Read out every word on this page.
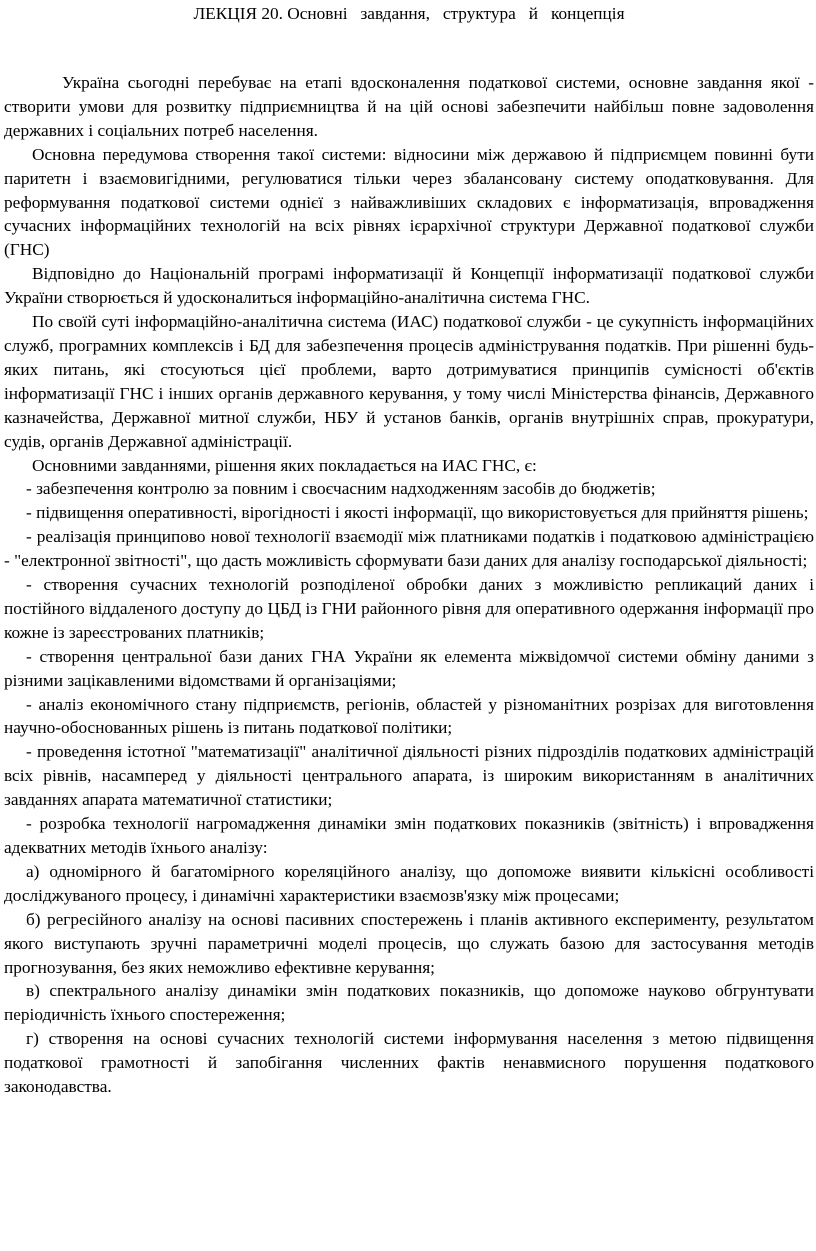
ЛЕКЦІЯ 20. Основні   завдання,   структура   й   концепція

Україна сьогодні перебуває на етапі вдосконалення податкової системи, основне завдання якої - створити умови для розвитку підприємництва й на цій основі забезпечити найбільш повне задоволення державних і соціальних потреб населення.

Основна передумова створення такої системи: відносини між державою й підприємцем повинні бути паритетн і взаємовигідними, регулюватися тільки через збалансовану систему оподатковування. Для реформування податкової системи однієї з найважливіших складових є інформатизація, впровадження сучасних інформаційних технологій на всіх рівнях ієрархічної структури Державної податкової служби (ГНС)

Відповідно до Національній програмі інформатизації й Концепції інформатизації податкової служби України створюється й удосконалиться інформаційно-аналітична система ГНС.

По своїй суті інформаційно-аналітична система (ИАС) податкової служби - це сукупність інформаційних служб, програмних комплексів і БД для забезпечення процесів адміністрування податків. При рішенні будь-яких питань, які стосуються цієї проблеми, варто дотримуватися принципів сумісності об'єктів інформатизації ГНС і інших органів державного керування, у тому числі Міністерства фінансів, Державного казначейства, Державної митної служби, НБУ й установ банків, органів внутрішніх справ, прокуратури, судів, органів Державної адміністрації.

Основними завданнями, рішення яких покладається на ИАС ГНС, є:

- забезпечення контролю за повним і своєчасним надходженням засобів до бюджетів;

- підвищення оперативності, вірогідності і якості інформації, що використовується для прийняття рішень;

- реалізація принципово нової технології взаємодії між платниками податків і податковою адміністрацією - "електронної звітності", що дасть можливість сформувати бази даних для аналізу господарської діяльності;

- створення сучасних технологій розподіленої обробки даних з можливістю репликаций даних і постійного віддаленого доступу до ЦБД із ГНИ районного рівня для оперативного одержання інформації про кожне із зареєстрованих платників;

- створення центральної бази даних ГНА України як елемента міжвідомчої системи обміну даними з різними зацікавленими відомствами й організаціями;

- аналіз економічного стану підприємств, регіонів, областей у різноманітних розрізах для виготовлення научно-обоснованных рішень із питань податкової політики;

- проведення істотної "математизації" аналітичної діяльності різних підрозділів податкових адміністрацій всіх рівнів, насамперед у діяльності центрального апарата, із широким використанням в аналітичних завданнях апарата математичної статистики;

- розробка технології нагромадження динаміки змін податкових показників (звітність) і впровадження адекватних методів їхнього аналізу:

а) одномірного й багатомірного кореляційного аналізу, що допоможе виявити кількісні особливості досліджуваного процесу, і динамічні характеристики взаємозв'язку між процесами;

б) регресійного аналізу на основі пасивних спостережень і планів активного експерименту, результатом якого виступають зручні параметричні моделі процесів, що служать базою для застосування методів прогнозування, без яких неможливо ефективне керування;

в) спектрального аналізу динаміки змін податкових показників, що допоможе науково обгрунтувати періодичність їхнього спостереження;

г) створення на основі сучасних технологій системи інформування населення з метою підвищення податкової грамотності й запобігання численних фактів ненавмисного порушення податкового законодавства.
